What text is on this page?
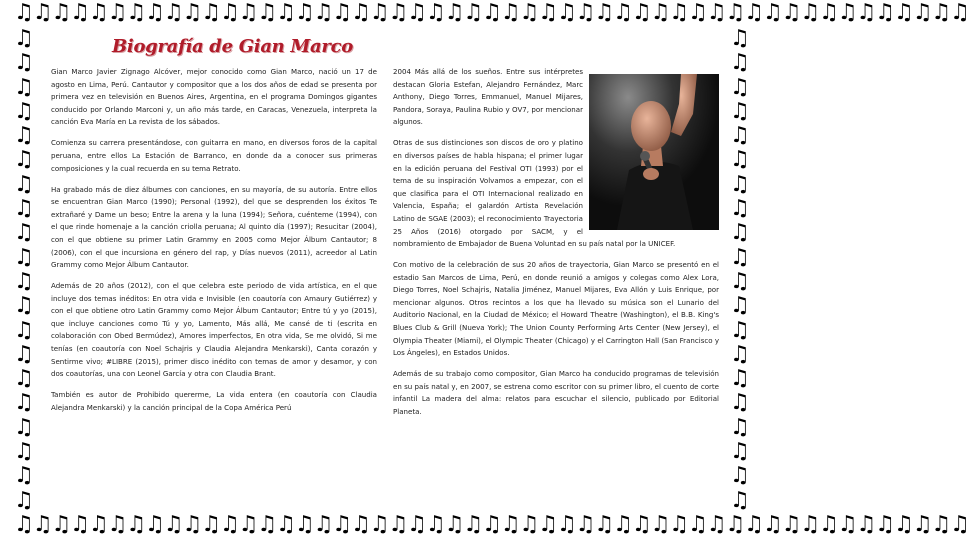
♫♫♫♫♫♫♫♫♫♫♫♫♫♫♫♫♫♫♫♫♫♫♫♫♫♫♫♫♫♫♫♫♫♫♫♫♫♫♫♫♫♫♫♫♫♫♫♫♫♫♫
♫♫♫♫♫♫♫♫♫♫♫♫♫♫♫♫♫♫♫♫♫♫♫♫♫♫♫♫♫♫♫♫♫♫♫♫♫♫♫♫♫♫♫♫♫♫♫♫♫♫♫
♫
♫
♫
♫
♫
♫
♫
♫
♫
♫
♫
♫
♫
♫
♫
♫
♫
♫
♫
♫
♫
♫
♫
♫
♫
♫
♫
♫
♫
♫
♫
♫
♫
♫
♫
♫
♫
♫
♫
♫
Biografía de Gian Marco

Gian Marco Javier Zignago Alcóver, mejor conocido como Gian Marco, nació un 17 de agosto en Lima, Perú. Cantautor y compositor que a los dos años de edad se presenta por primera vez en televisión en Buenos Aires, Argentina, en el programa Domingos gigantes conducido por Orlando Marconi y, un año más tarde, en Caracas, Venezuela, interpreta la canción Eva María en La revista de los sábados.

Comienza su carrera presentándose, con guitarra en mano, en diversos foros de la capital peruana, entre ellos La Estación de Barranco, en donde da a conocer sus primeras composiciones y la cual recuerda en su tema Retrato.

Ha grabado más de diez álbumes con canciones, en su mayoría, de su autoría. Entre ellos se encuentran Gian Marco (1990); Personal (1992), del que se desprenden los éxitos Te extrañaré y Dame un beso; Entre la arena y la luna (1994); Señora, cuénteme (1994), con el que rinde homenaje a la canción criolla peruana; Al quinto día (1997); Resucitar (2004), con el que obtiene su primer Latin Grammy en 2005 como Mejor Álbum Cantautor; 8 (2006), con el que incursiona en género del rap, y Días nuevos (2011), acreedor al Latin Grammy como Mejor Álbum Cantautor.

Además de 20 años (2012), con el que celebra este periodo de vida artística, en el que incluye dos temas inéditos: En otra vida e Invisible (en coautoría con Amaury Gutiérrez) y con el que obtiene otro Latin Grammy como Mejor Álbum Cantautor; Entre tú y yo (2015), que incluye canciones como Tú y yo, Lamento, Más allá, Me cansé de ti (escrita en colaboración con Obed Bermúdez), Amores imperfectos, En otra vida, Se me olvidó, Si me tenías (en coautoría con Noel Schajris y Claudia Alejandra Menkarski), Canta corazón y Sentirme vivo; #LIBRE (2015), primer disco inédito con temas de amor y desamor, y con dos coautorías, una con Leonel García y otra con Claudia Brant.

También es autor de Prohibido quererme, La vida entera (en coautoría con Claudia Alejandra Menkarski) y la canción principal de la Copa América Perú

2004 Más allá de los sueños. Entre sus intérpretes destacan Gloria Estefan, Alejandro Fernández, Marc Anthony, Diego Torres, Emmanuel, Manuel Mijares, Pandora, Soraya, Paulina Rubio y OV7, por mencionar algunos.

Otras de sus distinciones son discos de oro y platino en diversos países de habla hispana; el primer lugar en la edición peruana del Festival OTI (1993) por el tema de su inspiración Volvamos a empezar, con el que clasifica para el OTI Internacional realizado en Valencia, España; el galardón Artista Revelación Latino de SGAE (2003); el reconocimiento Trayectoria 25 Años (2016) otorgado por SACM, y el nombramiento de Embajador de Buena Voluntad en su país natal por la UNICEF.

Con motivo de la celebración de sus 20 años de trayectoria, Gian Marco se presentó en el estadio San Marcos de Lima, Perú, en donde reunió a amigos y colegas como Alex Lora, Diego Torres, Noel Schajris, Natalia Jiménez, Manuel Mijares, Eva Allón y Luis Enrique, por mencionar algunos. Otros recintos a los que ha llevado su música son el Lunario del Auditorio Nacional, en la Ciudad de México; el Howard Theatre (Washington), el B.B. King's Blues Club & Grill (Nueva York); The Union County Performing Arts Center (New Jersey), el Olympia Theater (Miami), el Olympic Theater (Chicago) y el Carrington Hall (San Francisco y Los Ángeles), en Estados Unidos.

Además de su trabajo como compositor, Gian Marco ha conducido programas de televisión en su país natal y, en 2007, se estrena como escritor con su primer libro, el cuento de corte infantil La madera del alma: relatos para escuchar el silencio, publicado por Editorial Planeta.
